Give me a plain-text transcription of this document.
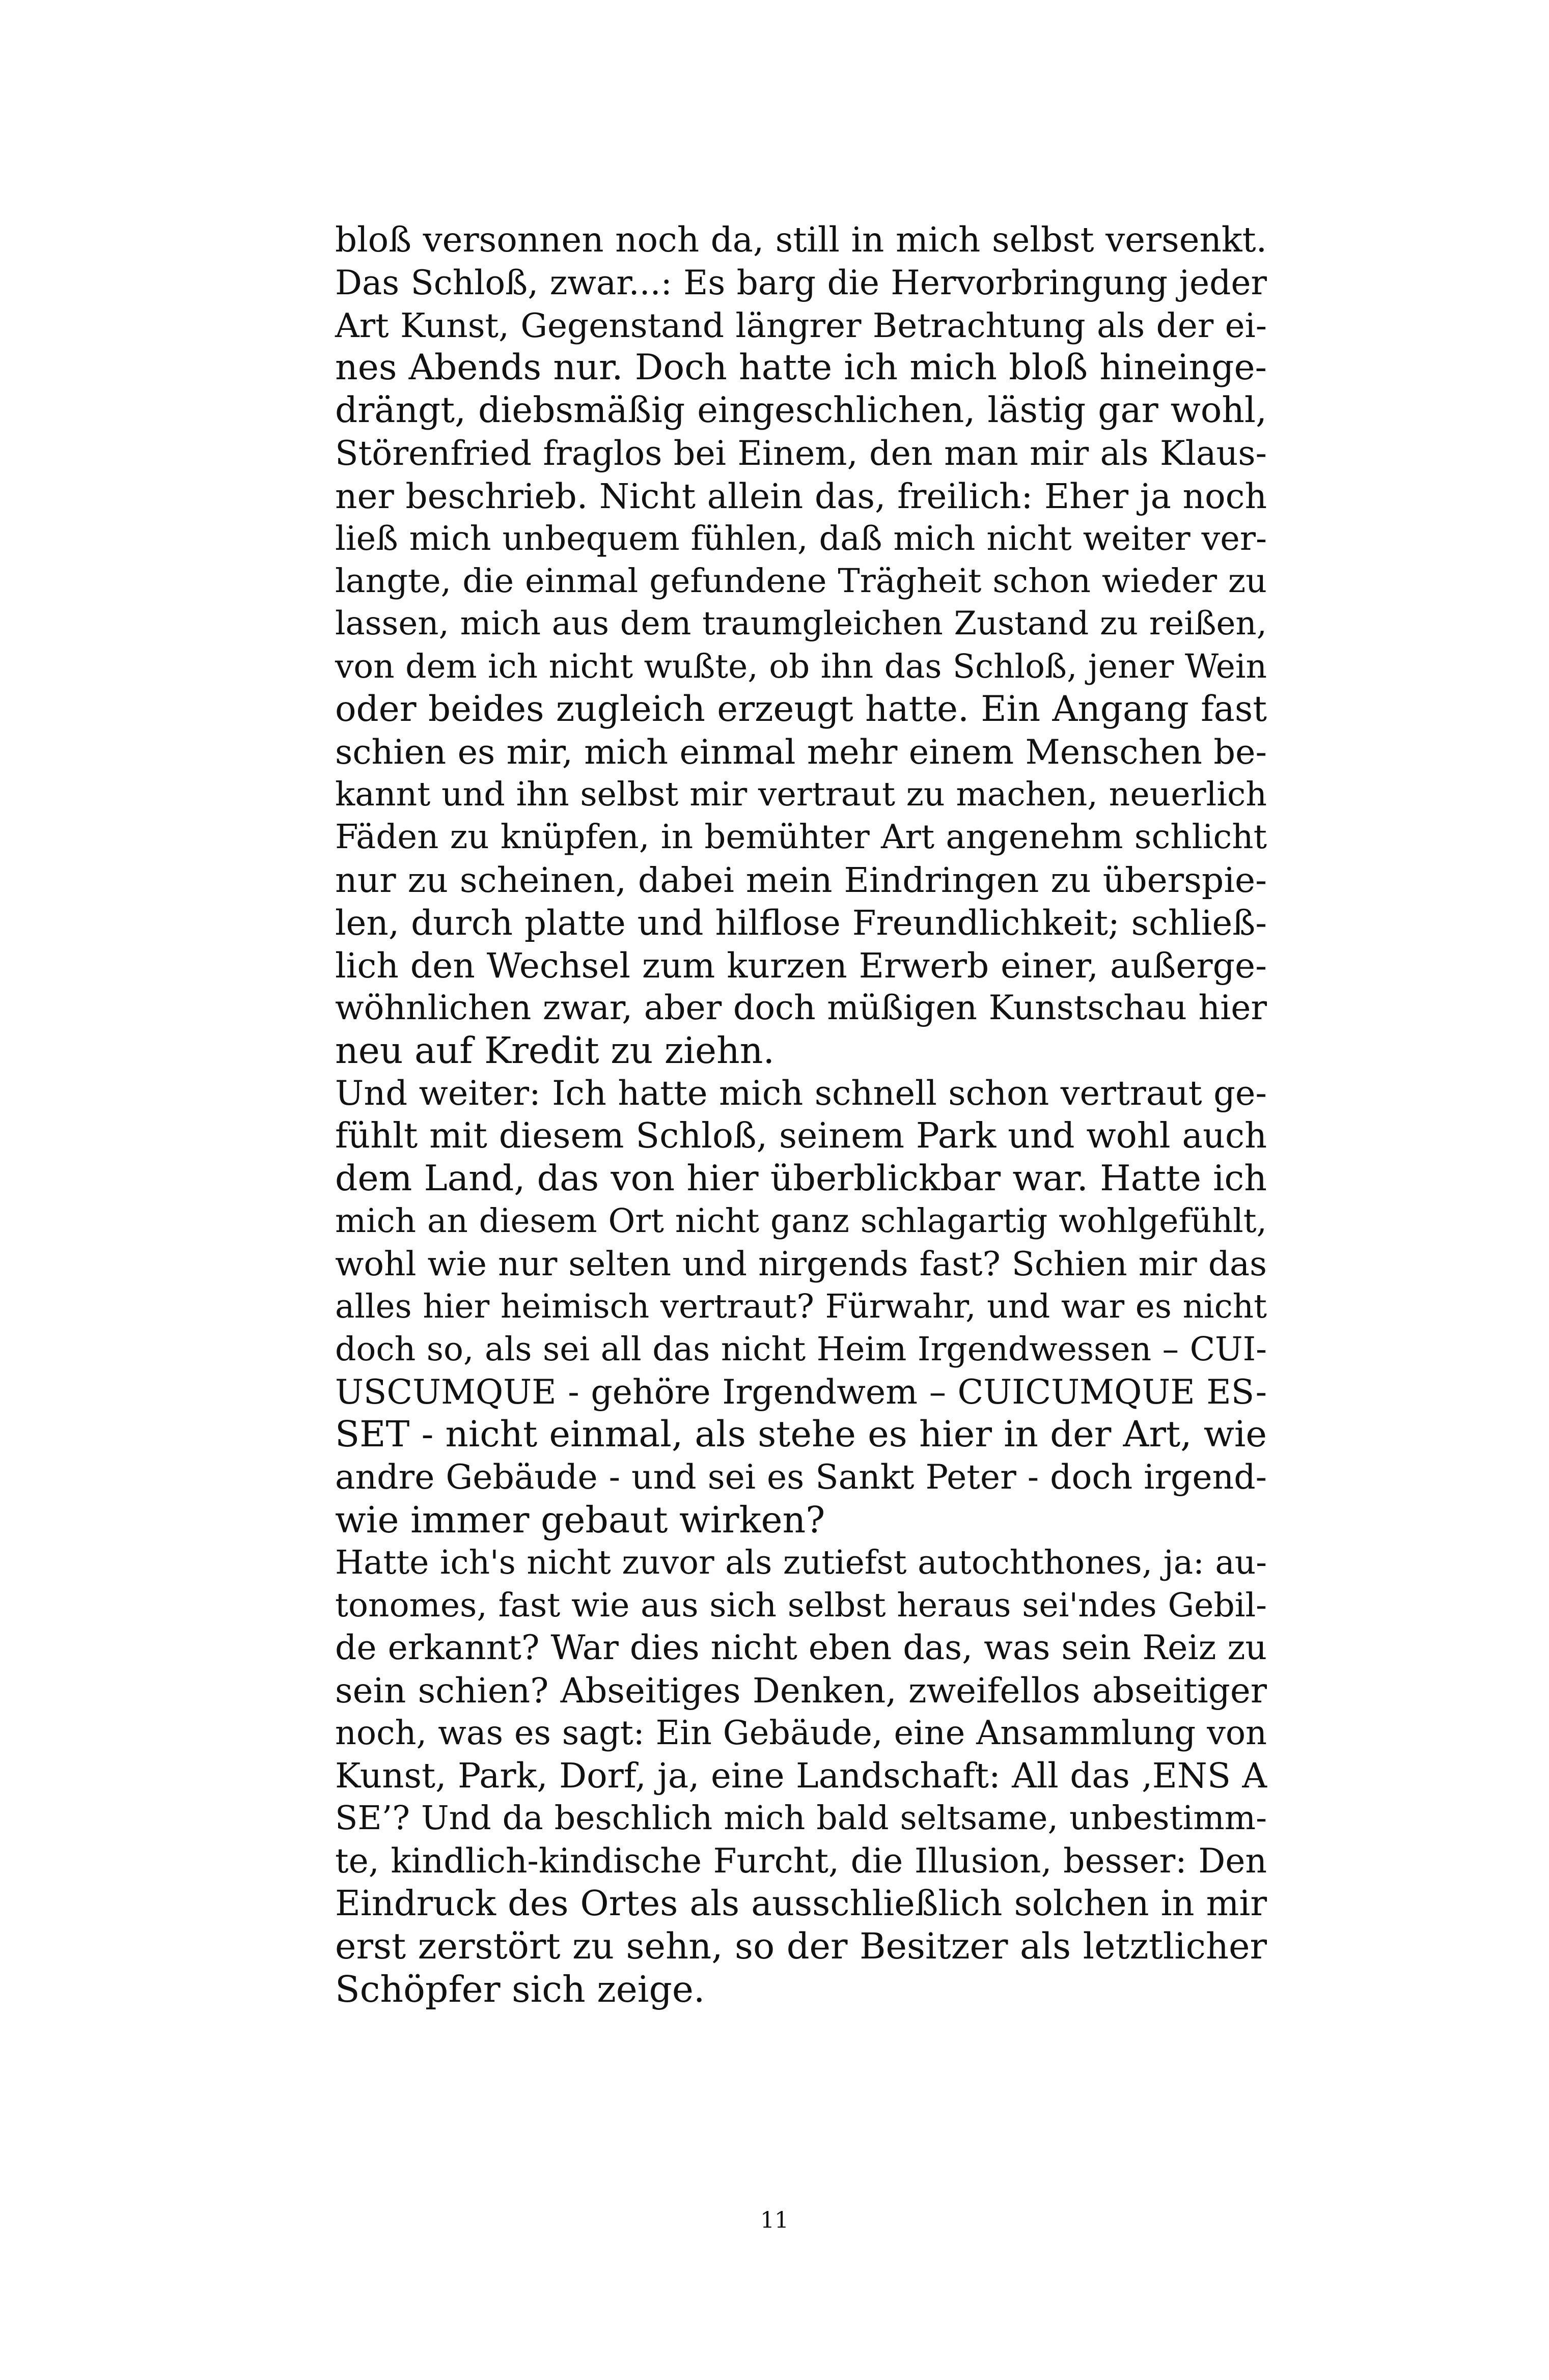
bloß versonnen noch da, still in mich selbst versenkt.
Das Schloß, zwar...: Es barg die Hervorbringung jeder
Art Kunst, Gegenstand längrer Betrachtung als der ei-
nes Abends nur. Doch hatte ich mich bloß hineinge-
drängt, diebsmäßig eingeschlichen, lästig gar wohl,
Störenfried fraglos bei Einem, den man mir als Klaus-
ner beschrieb. Nicht allein das, freilich: Eher ja noch
ließ mich unbequem fühlen, daß mich nicht weiter ver-
langte, die einmal gefundene Trägheit schon wieder zu
lassen, mich aus dem traumgleichen Zustand zu reißen,
von dem ich nicht wußte, ob ihn das Schloß, jener Wein
oder beides zugleich erzeugt hatte. Ein Angang fast
schien es mir, mich einmal mehr einem Menschen be-
kannt und ihn selbst mir vertraut zu machen, neuerlich
Fäden zu knüpfen, in bemühter Art angenehm schlicht
nur zu scheinen, dabei mein Eindringen zu überspie-
len, durch platte und hilflose Freundlichkeit; schließ-
lich den Wechsel zum kurzen Erwerb einer, außerge-
wöhnlichen zwar, aber doch müßigen Kunstschau hier
neu auf Kredit zu ziehn.
Und weiter: Ich hatte mich schnell schon vertraut ge-
fühlt mit diesem Schloß, seinem Park und wohl auch
dem Land, das von hier überblickbar war. Hatte ich
mich an diesem Ort nicht ganz schlagartig wohlgefühlt,
wohl wie nur selten und nirgends fast? Schien mir das
alles hier heimisch vertraut? Fürwahr, und war es nicht
doch so, als sei all das nicht Heim Irgendwessen – CUI-
USCUMQUE - gehöre Irgendwem – CUICUMQUE ES-
SET - nicht einmal, als stehe es hier in der Art, wie
andre Gebäude - und sei es Sankt Peter - doch irgend-
wie immer gebaut wirken?
Hatte ich's nicht zuvor als zutiefst autochthones, ja: au-
tonomes, fast wie aus sich selbst heraus sei'ndes Gebil-
de erkannt? War dies nicht eben das, was sein Reiz zu
sein schien? Abseitiges Denken, zweifellos abseitiger
noch, was es sagt: Ein Gebäude, eine Ansammlung von
Kunst, Park, Dorf, ja, eine Landschaft: All das ‚ENS A
SE’? Und da beschlich mich bald seltsame, unbestimm-
te, kindlich-kindische Furcht, die Illusion, besser: Den
Eindruck des Ortes als ausschließlich solchen in mir
erst zerstört zu sehn, so der Besitzer als letztlicher
Schöpfer sich zeige.
11
